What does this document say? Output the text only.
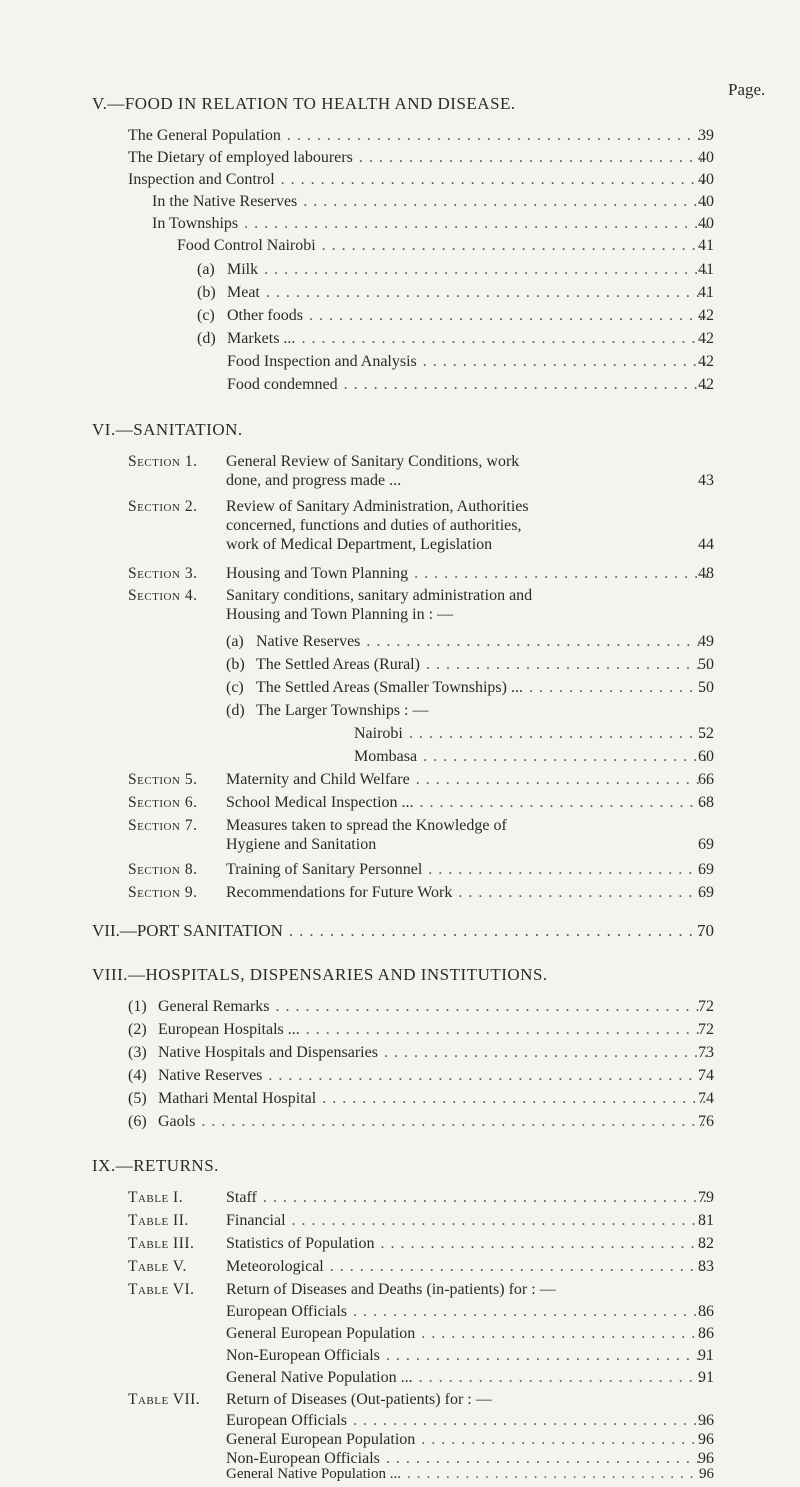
Page.
V.—FOOD IN RELATION TO HEALTH AND DISEASE.
The General Population .....	39
The Dietary of employed labourers .....	40
Inspection and Control .....	40
In the Native Reserves .....	40
In Townships .....	40
Food Control Nairobi .....	41
(a) Milk .....	41
(b) Meat .....	41
(c) Other foods .....	42
(d) Markets ... .....	42
Food Inspection and Analysis .....	42
Food condemned .....	42
VI.—SANITATION.
Section 1. General Review of Sanitary Conditions, work
done, and progress made ...	43
Section 2. Review of Sanitary Administration, Authorities
concerned, functions and duties of authorities,
work of Medical Department, Legislation	44
Section 3.	Housing and Town Planning .....	48
Section 4. Sanitary conditions, sanitary administration and
Housing and Town Planning in : —
(a) Native Reserves .....	49
(b) The Settled Areas (Rural) .....	50
(c) The Settled Areas (Smaller Townships) ... .....	50
(d) The Larger Townships : —
Nairobi .....	52
Mombasa .....	60
Section 5.	Maternity and Child Welfare .....	66
Section 6.	School Medical Inspection ... .....	68
Section 7. Measures taken to spread the Knowledge of
Hygiene and Sanitation	69
Section 8.	Training of Sanitary Personnel .....	69
Section 9.	Recommendations for Future Work .....	69
VII.—PORT SANITATION .....	70
VIII.—HOSPITALS, DISPENSARIES AND INSTITUTIONS.
(1) General Remarks .....	72
(2) European Hospitals ... .....	72
(3) Native Hospitals and Dispensaries .....	73
(4) Native Reserves .....	74
(5) Mathari Mental Hospital .....	74
(6) Gaols .....	76
IX.—RETURNS.
Table I.	Staff .....	79
Table II.	Financial .....	81
Table III.	Statistics of Population .....	82
Table V.	Meteorological .....	83
Table VI.	Return of Diseases and Deaths (in-patients) for : —
European Officials .....	86
General European Population .....	86
Non-European Officials .....	91
General Native Population ... .....	91
Table VII.	Return of Diseases (Out-patients) for : —
European Officials .....	96
General European Population .....	96
Non-European Officials .....	96
General Native Population ... .....	96
